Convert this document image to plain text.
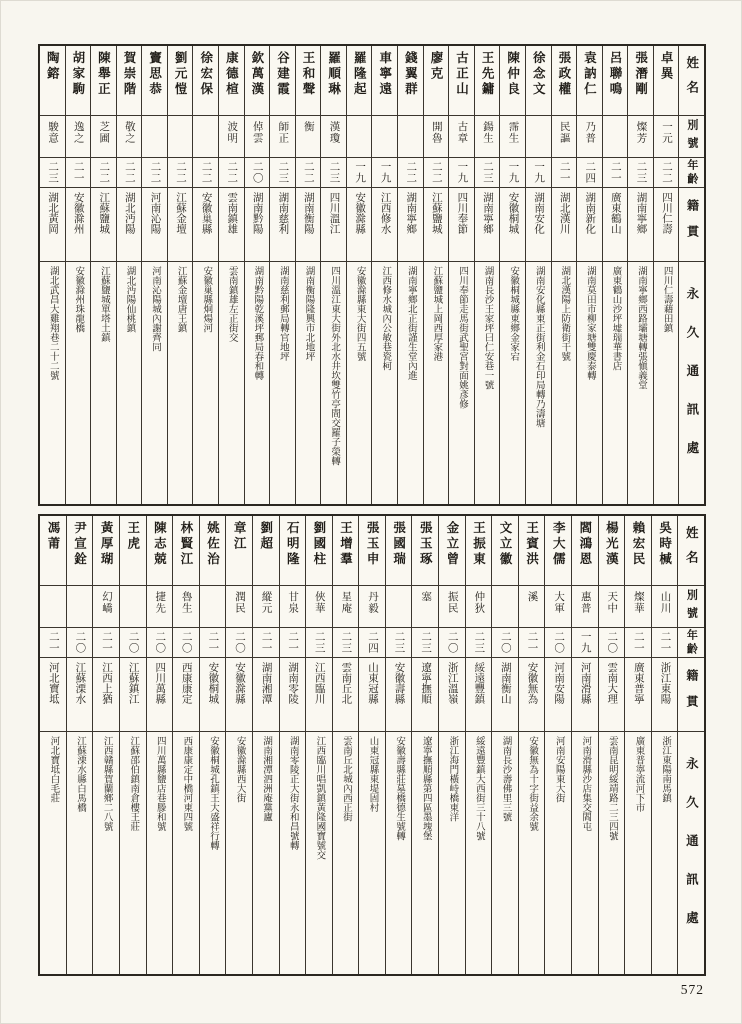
姓名
別號
年齡
籍貫
永久通訊處
卓異
一元
二二
四川仁壽
四川仁壽藉田鎮
張潛剛
燦芳
二三
湖南寧鄉
湖南寧鄉西路壩塘轉張愼義堂
呂聯鳴
二一
廣東鶴山
廣東鶴山沙坪墟瑞華書店
袁訥仁
乃普
二四
湖南新化
湖南莫田市柳家塘雙慶泰轉
張政權
民謳
二一
湖北漢川
湖北漢陽上防衛街干號
徐念文
一九
湖南安化
湖南安化縣東正街利金石印局轉乃濤塘
陳仲良
霈生
一九
安徽桐城
安徽桐城縣東鄉金家宕
王先鏞
鍚生
二三
湖南寧鄉
湖南長沙王家坪曰仁安巷一號
古正山
古章
一九
四川奉節
四川奉節走馬街武聖宮對面姚彥修
廖克
開魯
二二
江蘇鹽城
江蘇鹽城上岡西厚家港
錢翼群
二二
湖南寧鄉
湖南寧鄉北正街謹生堂內進
車寧遠
一九
江西修水
江西修水城內公敏巷瓷柯
羅隆起
一九
安徽滁縣
安徽滁縣東大街四五號
羅順琳
漢瓊
二三
四川溫江
四川溫江東大街外北水井坎雙竹亭間交羅子榮轉
王和聲
衡
二二
湖南衡陽
湖南衡陽隆興市北地坪
谷建霞
師正
二三
湖南慈利
湖南慈利郵局轉官地坪
欽萬漢
倬雲
二〇
湖南黔陽
湖南黔陽乾溪坪郵局春和轉
康德楦
波明
二二
雲南鎮雄
雲南鎮雄左正街交
徐宏保
二二
安徽巢縣
安徽巢縣烔煬河
劉元愷
二二
江蘇金壇
江蘇金壇唐王鎮
竇思恭
二二
河南沁陽
河南沁陽城內謝齊同
賀崇階
敬之
二二
湖北沔陽
湖北沔陽仙桃鎮
陳舉正
芝圃
二二
江蘇鹽城
江蘇鹽城單塔土鎮
胡家駒
逸之
二一
安徽滁州
安徽滁州珠龍橋
陶鎔
駿意
二三
湖北黃岡
湖北武昌大雞翔巷二十二號
姓名
別號
年齡
籍貫
永久通訊處
吳時椷
山川
二一
浙江東陽
浙江東陽南馬鎮
賴宏民
燦華
二一
廣東普寧
廣東普寧流河下市
楊光漢
天中
二〇
雲南大理
雲南昆明綏靖路二三四號
閻鴻恩
惠普
一九
河南滑縣
河南滑縣沙店集交閻屯
李大儒
大軍
二〇
河南安陽
河南安陽東大街
王賓洪
溪
二一
安徽無為
安徽無為十字街益余號
文立徽
二〇
湖南衡山
湖南長沙壽佛里三號
王振東
仲狄
二三
綏遠豐鎮
綏遠豐鎮大西街三十八號
金立曾
振民
二〇
浙江溫嶺
浙江海門橫峙橋東洋
張玉琢
塞
二三
遼寧撫順
遼寧撫順縣第四區墨塊堡
張國瑞
二三
安徽壽縣
安徽壽縣莊墓橋德生號轉
張玉申
丹毅
二四
山東冠縣
山東冠縣東堤固村
王增羣
星庵
二三
雲南丘北
雲南丘北城內西正街
劉國柱
俠華
二三
江西臨川
江西臨川唱凱鎮黃隆國寶號交
石明隆
甘泉
二一
湖南零陵
湖南零陵正大街永和昌號轉
劉超
縱元
二一
湖南湘潭
湖南湘潭泗洲庵黨廬
章江
潤民
二〇
安徽滁縣
安徽滁縣西大街
姚佐治
二一
安徽桐城
安徽桐城孔鎮王大盛祥行轉
林賢江
魯生
二〇
西康康定
西康康定中橋河東四號
陳志兢
捷先
二〇
四川萬縣
四川萬縣鹽店巷滕和號
王虎
二〇
江蘇鎮江
江蘇邵伯鎮南倉樓王莊
黃厚瑚
幻嶠
二一
江西上猶
江西贛縣賀蘭鄉二八號
尹宣銓
二〇
江蘇溧水
江蘇溧水縣白馬橋
馮莆
二一
河北寶坻
河北寶坻白毛莊
572
